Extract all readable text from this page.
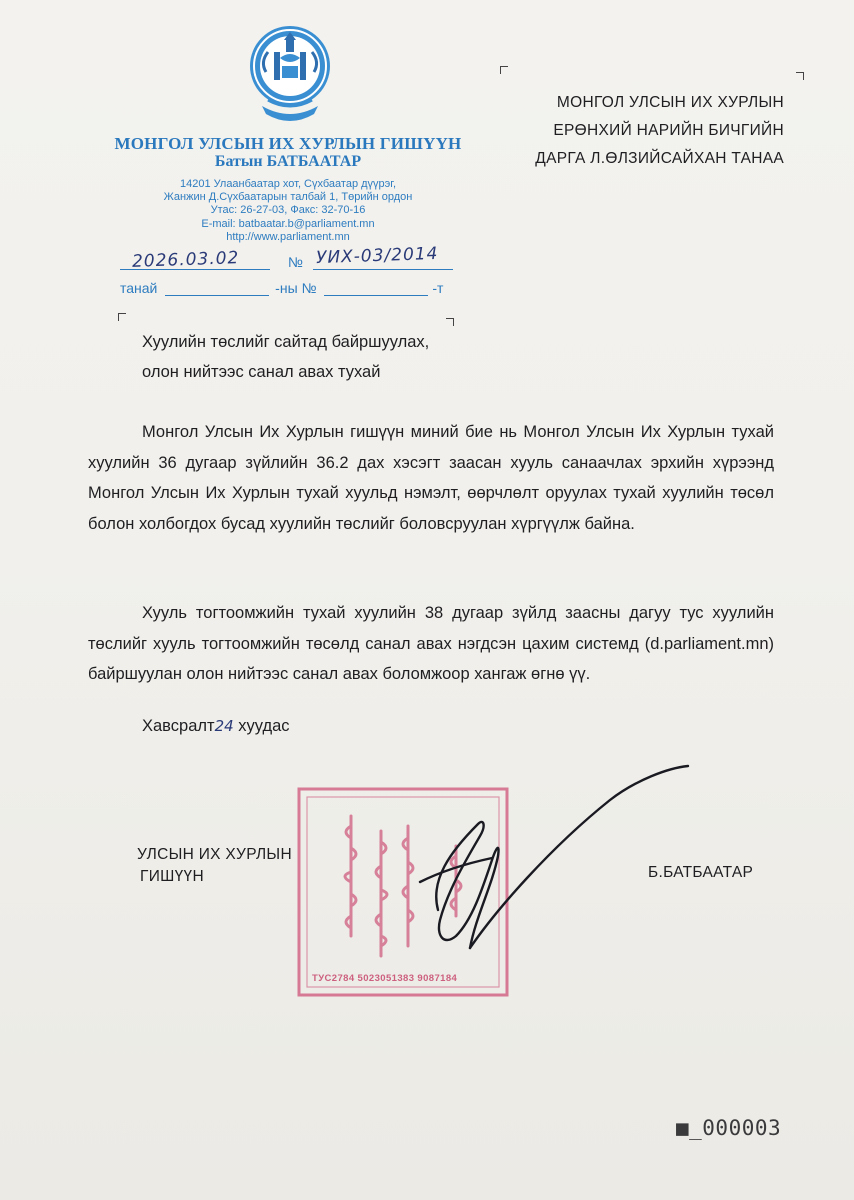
МОНГОЛ УЛСЫН ИХ ХУРЛЫН ГИШҮҮН
Батын БАТБААТАР
14201 Улаанбаатар хот, Сүхбаатар дүүрэг,
Жанжин Д.Сүхбаатарын талбай 1, Төрийн ордон
Утас: 26-27-03, Факс: 32-70-16
E-mail: batbaatar.b@parliament.mn
http://www.parliament.mn
№
2026.03.02	УИХ-03/2014
танай	-ны №	-т
МОНГОЛ УЛСЫН ИХ ХУРЛЫН
ЕРӨНХИЙ НАРИЙН БИЧГИЙН
ДАРГА Л.ӨЛЗИЙСАЙХАН ТАНАА
Хуулийн төслийг сайтад байршуулах,
олон нийтээс санал авах тухай
Монгол Улсын Их Хурлын гишүүн миний бие нь Монгол Улсын Их Хурлын тухай хуулийн 36 дугаар зүйлийн 36.2 дах хэсэгт заасан хууль санаачлах эрхийн хүрээнд Монгол Улсын Их Хурлын тухай хуульд нэмэлт, өөрчлөлт оруулах тухай хуулийн төсөл болон холбогдох бусад хуулийн төслийг боловсруулан хүргүүлж байна.
Хууль тогтоомжийн тухай хуулийн 38 дугаар зүйлд заасны дагуу тус хуулийн төслийг хууль тогтоомжийн төсөлд санал авах нэгдсэн цахим системд (d.parliament.mn) байршуулан олон нийтээс санал авах боломжоор хангаж өгнө үү.
Хавсралт24 хуудас
ТУС2784 5023051383 9087184
УЛСЫН ИХ ХУРЛЫН
ГИШҮҮН	Б.БАТБААТАР
■_000003
